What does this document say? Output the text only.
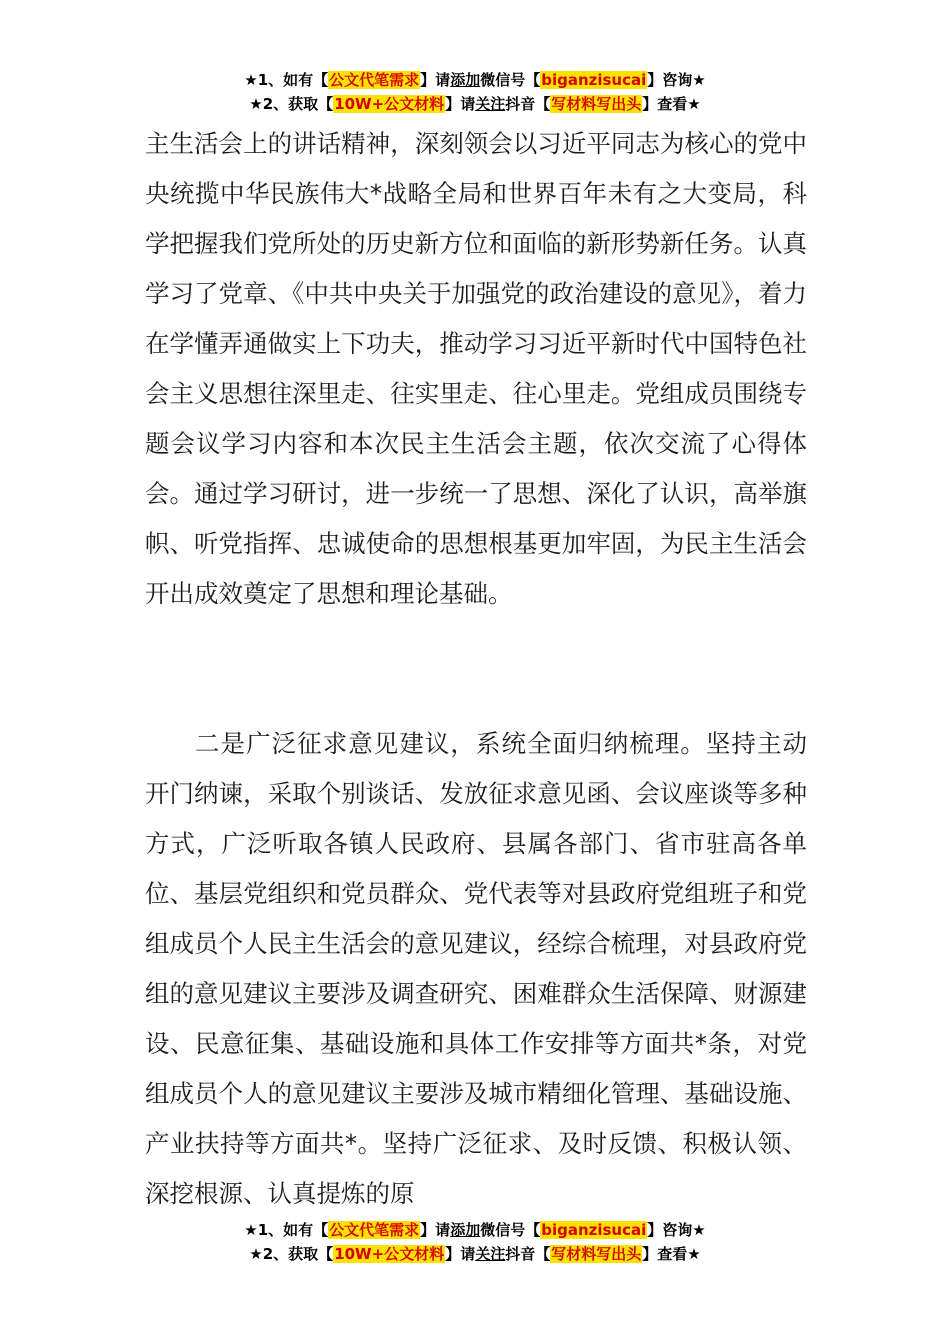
★1、如有【公文代笔需求】请添加微信号【biganzisucai】咨询★
★2、获取【10W+公文材料】请关注抖音【写材料写出头】查看★
主生活会上的讲话精神，深刻领会以习近平同志为核心的党中央统揽中华民族伟大*战略全局和世界百年未有之大变局，科学把握我们党所处的历史新方位和面临的新形势新任务。认真学习了党章、《中共中央关于加强党的政治建设的意见》，着力在学懂弄通做实上下功夫，推动学习习近平新时代中国特色社会主义思想往深里走、往实里走、往心里走。党组成员围绕专题会议学习内容和本次民主生活会主题，依次交流了心得体会。通过学习研讨，进一步统一了思想、深化了认识，高举旗帜、听党指挥、忠诚使命的思想根基更加牢固，为民主生活会开出成效奠定了思想和理论基础。
二是广泛征求意见建议，系统全面归纳梳理。坚持主动开门纳谏，采取个别谈话、发放征求意见函、会议座谈等多种方式，广泛听取各镇人民政府、县属各部门、省市驻高各单位、基层党组织和党员群众、党代表等对县政府党组班子和党组成员个人民主生活会的意见建议，经综合梳理，对县政府党组的意见建议主要涉及调查研究、困难群众生活保障、财源建设、民意征集、基础设施和具体工作安排等方面共*条，对党组成员个人的意见建议主要涉及城市精细化管理、基础设施、产业扶持等方面共*。坚持广泛征求、及时反馈、积极认领、深挖根源、认真提炼的原
★1、如有【公文代笔需求】请添加微信号【biganzisucai】咨询★
★2、获取【10W+公文材料】请关注抖音【写材料写出头】查看★
